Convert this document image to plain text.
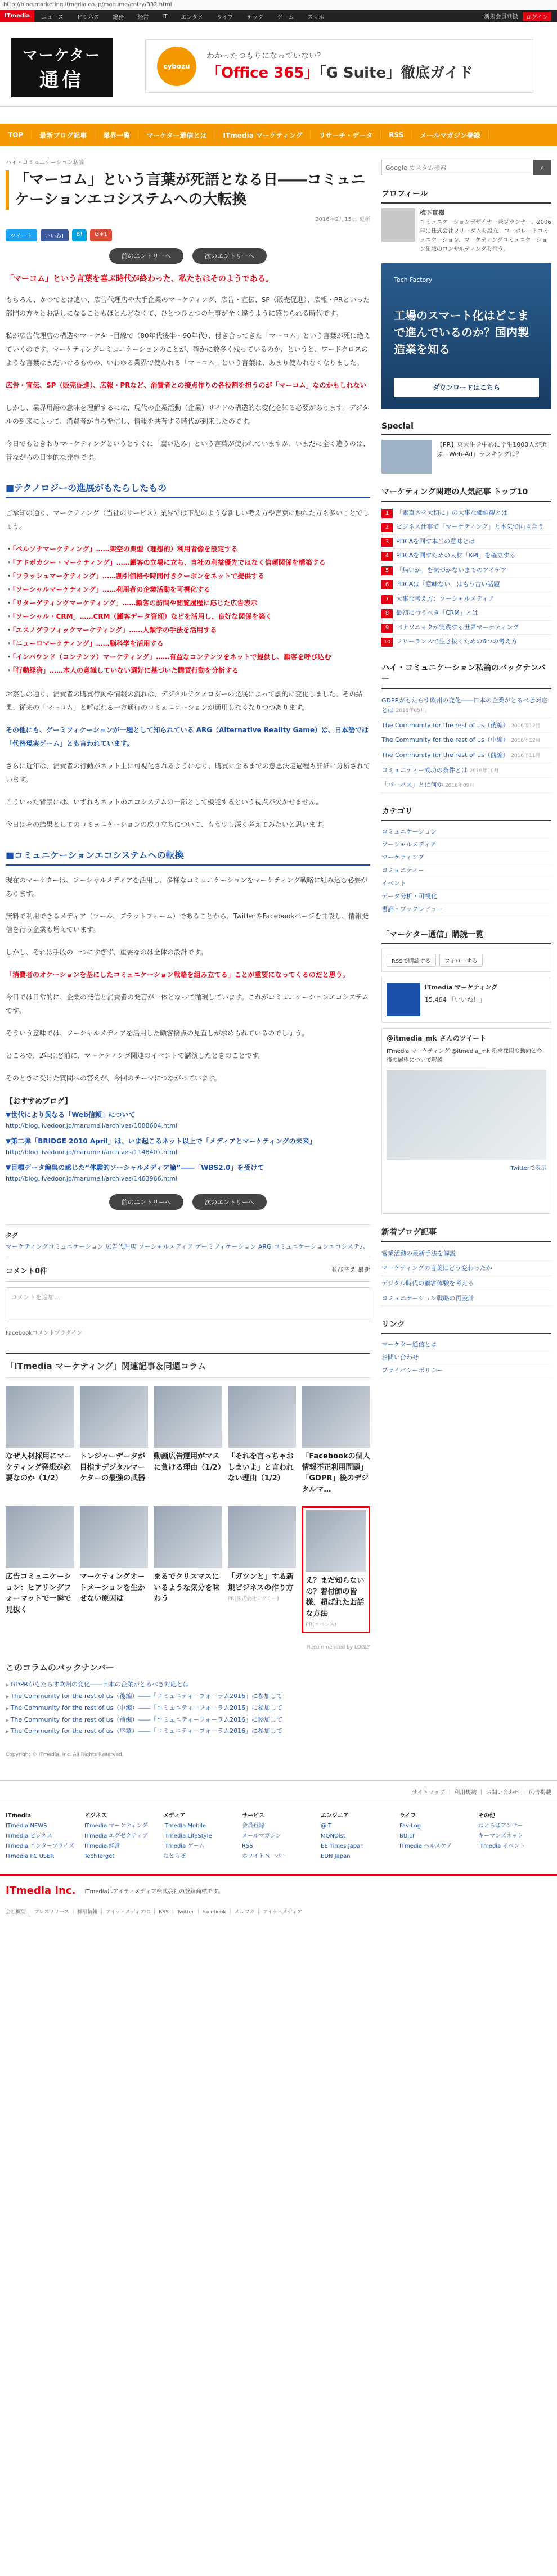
http://blog.marketing.itmedia.co.jp/macume/entry/332.html
ITmedia	ニュース	ビジネス	総務	経営	IT	エンタメ	ライフ	テック	ゲーム	スマホ	新規会員登録	ログイン
マーケター
通信
cybozu
わかったつもりになっていない？
「Office 365」「G Suite」徹底ガイド
TOP	最新ブログ記事	業界一覧	マーケター通信とは	ITmedia マーケティング	リサーチ・データ	RSS	メールマガジン登録
ハイ・コミュニケーション私論
「マーコム」という言葉が死語となる日――コミュニケーションエコシステムへの大転換
2016年2月15日 更新
ツイート	いいね!	B!	G+1
前のエントリーへ	次のエントリーへ

「マーコム」という言葉を喜ぶ時代が終わった、私たちはそのようである。

もちろん、かつてとは違い、広告代理店や大手企業のマーケティング、広告・宣伝、SP（販売促進）、広報・PRといった部門の方々とお話しになることもほとんどなくて、ひとつひとつの仕事が全く違うように感じられる時代です。

私が広告代理店の構造やマーケター目線で（80年代後半〜90年代）、付き合ってきた「マーコム」という言葉が死に絶えていくのです。マーケティングコミュニケーションのことが、確かに数多く残っているのか、というと、ワードクロスのような言葉はまだいけるものの、いわゆる業界で使われる「マーコム」という言葉は、あまり使われなくなりました。

広告・宣伝、SP（販売促進）、広報・PRなど、消費者との接点作りの各役割を担うのが「マーコム」なのかもしれない

しかし、業界用語の意味を理解するには、現代の企業活動（企業）サイドの構造的な変化を知る必要があります。デジタルの到来によって、消費者が自ら発信し、情報を共有する時代が到来したのです。

今日でもときおりマーケティングというとすぐに「腐い込み」という言葉が使われていますが、いまだに全く違うのは、昔ながらの日本的な発想です。

■テクノロジーの進展がもたらしたもの

ご承知の通り、マーケティング（当社のサービス）業界では下記のような新しい考え方や言葉に触れた方も多いことでしょう。

・ 「ペルソナマーケティング」……架空の典型（理想的）利用者像を設定する
・ 「アドボカシー・マーケティング」……顧客の立場に立ち、自社の利益優先ではなく信頼関係を構築する
・ 「フラッシュマーケティング」……割引価格や時間付きクーポンをネットで提供する
・ 「ソーシャルマーケティング」……利用者の企業活動を可視化する
・ 「リターゲティングマーケティング」……顧客の訪問や閲覧履歴に応じた広告表示
・ 「ソーシャル・CRM」……CRM（顧客データ管理）などを活用し、良好な関係を築く
・ 「エスノグラフィックマーケティング」……人類学の手法を活用する
・ 「ニューロマーケティング」……脳科学を活用する
・ 「インバウンド（コンテンツ）マーケティング」……有益なコンテンツをネットで提供し、顧客を呼び込む
・ 「行動経済」……本人の意識していない選好に基づいた購買行動を分析する

お察しの通り、消費者の購買行動や情報の流れは、デジタルテクノロジーの発展によって劇的に変化しました。その結果、従来の「マーコム」と呼ばれる一方通行のコミュニケーションが通用しなくなりつつあります。

その他にも、ゲーミフィケーションが一種として知られている ARG（Alternative Reality Game）は、日本語では「代替現実ゲーム」とも言われています。

さらに近年は、消費者の行動がネット上に可視化されるようになり、購買に至るまでの意思決定過程も詳細に分析されています。

こういった背景には、いずれもネットのエコシステムの一部として機能するという視点が欠かせません。

今日はその結果としてのコミュニケーションの成り立ちについて、もう少し深く考えてみたいと思います。

■コミュニケーションエコシステムへの転換

現在のマーケターは、ソーシャルメディアを活用し、多様なコミュニケーションをマーケティング戦略に組み込む必要があります。

無料で利用できるメディア（ツール、プラットフォーム）であることから、TwitterやFacebookページを開設し、情報発信を行う企業も増えています。

しかし、それは手段の一つにすぎず、重要なのは全体の設計です。

「消費者のオケーションを基にしたコミュニケーション戦略を組み立てる」ことが重要になってくるのだと思う。

今日では日常的に、企業の発信と消費者の発言が一体となって循環しています。これがコミュニケーションエコシステムです。

そういう意味では、ソーシャルメディアを活用した顧客接点の見直しが求められているのでしょう。

ところで、2年ほど前に、マーケティング関連のイベントで講演したときのことです。

そのときに受けた質問への答えが、今回のテーマにつながっています。

【おすすめブログ】
▼世代により異なる「Web信頼」について
http://blog.livedoor.jp/marumeli/archives/1088604.html
▼第二弾「BRIDGE 2010 April」は、いま起こるネット以上で「メディアとマーケティングの未来」
http://blog.livedoor.jp/marumeli/archives/1148407.html
▼目標データ編集の感じた“体験的ソーシャルメディア論”――「WBS2.0」を受けて
http://blog.livedoor.jp/marumeli/archives/1463966.html
前のエントリーへ	次のエントリーへ
タグ
マーケティングコミュニケーション 広告代理店 ソーシャルメディア ゲーミフィケーション ARG コミュニケーションエコシステム
コメント0件	並び替え 最新
コメントを追加...
Facebookコメントプラグイン
「ITmedia マーケティング」関連記事＆同週コラム
なぜ人材採用にマーケティング発想が必要なのか（1/2）
トレジャーデータが目指すデジタルマーケターの最強の武器
動画広告運用がマスに負ける理由（1/2）
「それを言っちゃおしまいよ」と言われない理由（1/2）
「Facebookの個人情報不正利用問題」「GDPR」後のデジタルマ…
広告コミュニケーション：ヒアリングフォーマットで一瞬で見抜く
マーケティングオートメーションを生かせない原因は
まるでクリスマスにいるような気分を味わう
「ガツンと」する新規ビジネスの作り方
PR(株式会社ログミー)
え？まだ知らないの？着付師の皆様、超ばれたお話な方法
PR(エベレス)
Recommended by LOGLY
このコラムのバックナンバー
▶ GDPRがもたらす欧州の変化――日本の企業がとるべき対応とは
▶ The Community for the rest of us（後編）――「コミュニティーフォーラム2016」に参加して
▶ The Community for the rest of us（中編）――「コミュニティーフォーラム2016」に参加して
▶ The Community for the rest of us（前編）――「コミュニティーフォーラム2016」に参加して
▶ The Community for the rest of us（序章）――「コミュニティーフォーラム2016」に参加して
Copyright © ITmedia, Inc. All Rights Reserved.
Google カスタム検索
⌕
プロフィール
梅下直樹
コミュニケーションデザイナー兼プランナー。2006年に株式会社フリーダムを設立。コーポレートコミュニケーション、マーケティングコミュニケーション領域のコンサルティングを行う。
Tech Factory
工場のスマート化はどこまで進んでいるのか？国内製造業を知る
ダウンロードはこちら
Special
【PR】東大生を中心に学生1000人が選ぶ「Web-Ad」ランキングは？
マーケティング関連の人気記事 トップ10
1	「素直さを大切に」の大事な価値観とは
2	ビジネス仕事で「マーケティング」と本気で向き合う
3	PDCAを回す本当の意味とは
4	PDCAを回すための人材「KPI」を確立する
5	「無いか」を気づかないまでのアイデア
6	PDCAは「意味ない」はもう古い話題
7	大事な考え方：ソーシャルメディア
8	最初に行うべき「CRM」とは
9	パナソニックが実践する世界マーケティング
10 フリーランスで生き抜くための6つの考え方
ハイ・コミュニケーション私論のバックナンバー
GDPRがもたらす欧州の変化――日本の企業がとるべき対応とは 2018年05月
The Community for the rest of us（後編） 2016年12月
The Community for the rest of us（中編） 2016年12月
The Community for the rest of us（前編） 2016年11月
コミュニティー成功の条件とは 2016年10月
「パーパス」とは何か 2016年09月
カテゴリ
コミュニケーション
ソーシャルメディア
マーケティング
コミュニティー
イベント
データ分析・可視化
書評・ブックレビュー
「マーケター通信」購読一覧
RSSで購読する	フォローする
ITmedia マーケティング
15,464 「いいね！」
@itmedia_mk さんのツイート
ITmedia マーケティング @itmedia_mk 新卒採用の動向と今後の展望について解説
Twitterで表示
新着ブログ記事
営業活動の最新手法を解説
マーケティングの言葉はどう変わったか
デジタル時代の顧客体験を考える
コミュニケーション戦略の再設計
リンク
マーケター通信とは
お問い合わせ
プライバシーポリシー
サイトマップ ｜ 利用規約 ｜ お問い合わせ ｜ 広告掲載
ITmedia
ITmedia NEWS
ITmedia ビジネス
ITmedia エンタープライズ
ITmedia PC USER
ビジネス
ITmedia マーケティング
ITmedia エグゼクティブ
ITmedia 経営
TechTarget
メディア
ITmedia Mobile
ITmedia LifeStyle
ITmedia ゲーム
ねとらぼ
サービス
会員登録
メールマガジン
RSS
ホワイトペーパー
エンジニア
@IT
MONOist
EE Times Japan
EDN Japan
ライフ
Fav-Log
BUILT
ITmedia ヘルスケア
その他
ねとらぼアンサー
キーマンズネット
ITmedia イベント
ITmedia Inc. ITmediaはアイティメディア株式会社の登録商標です。
会社概要 ｜ プレスリリース ｜ 採用情報 ｜ アイティメディアID ｜ RSS ｜ Twitter ｜ Facebook ｜ メルマガ ｜ アイティメディア
